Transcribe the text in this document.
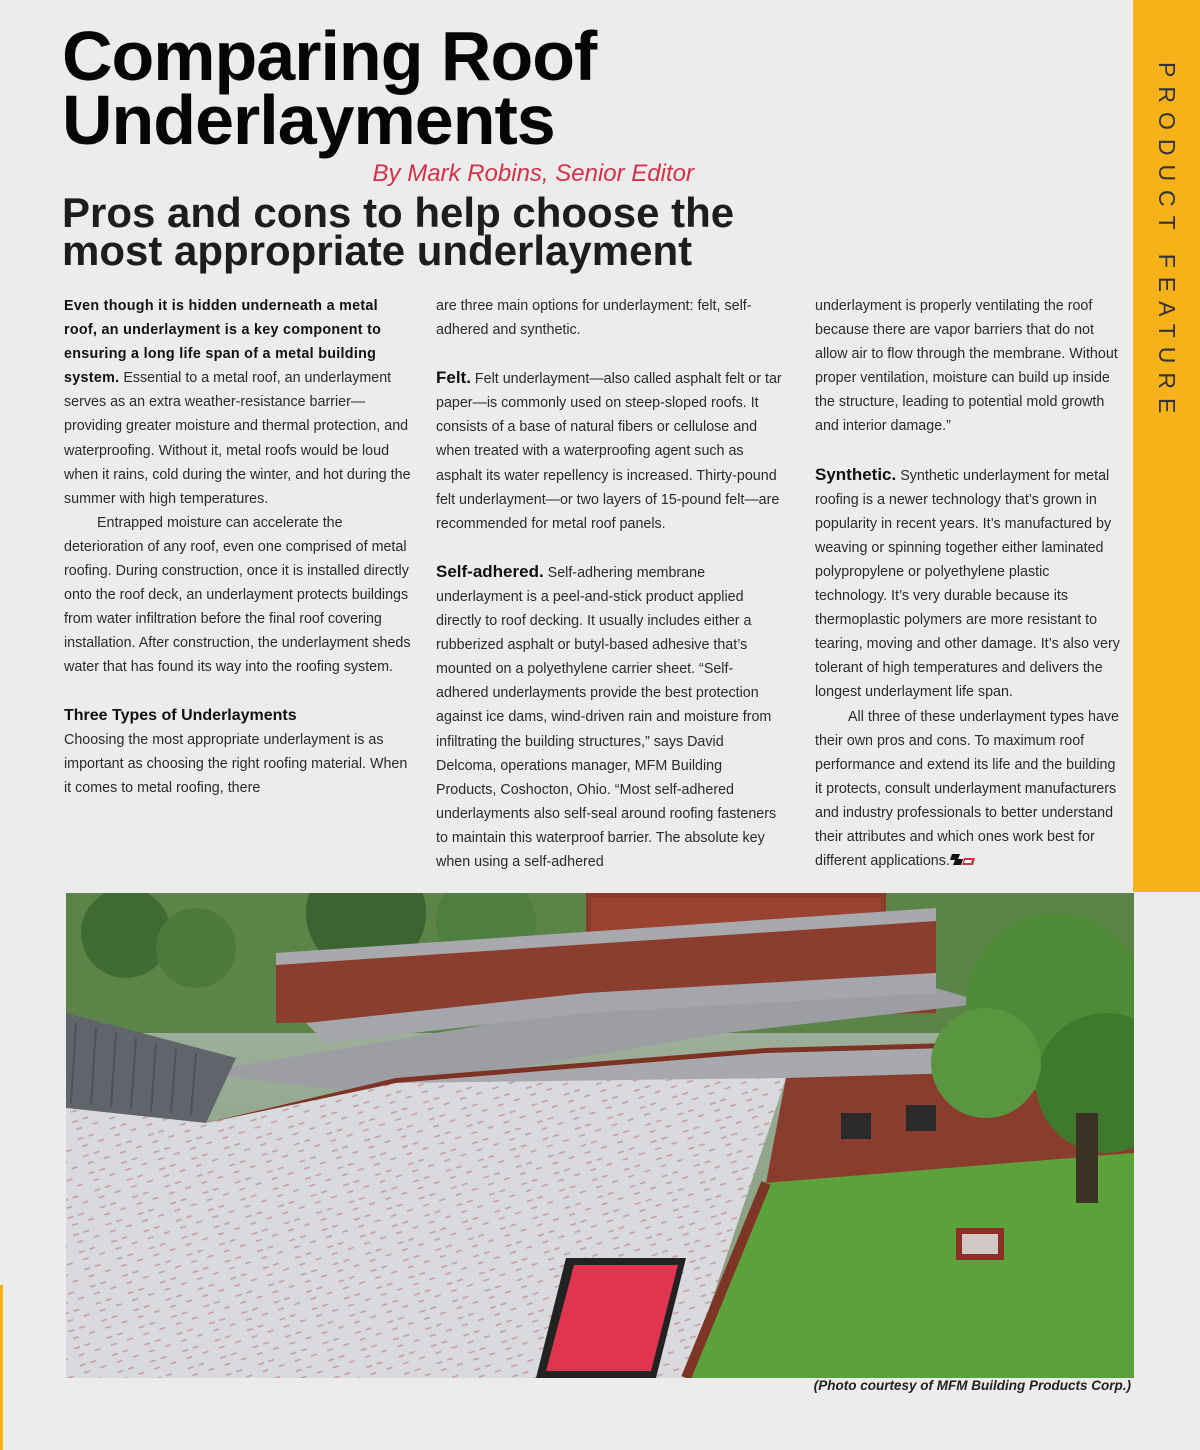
PRODUCT FEATURE
Comparing Roof Underlayments
By Mark Robins, Senior Editor
Pros and cons to help choose the most appropriate underlayment

Even though it is hidden underneath a metal roof, an underlayment is a key component to ensuring a long life span of a metal building system. Essential to a metal roof, an underlayment serves as an extra weather-resistance barrier—providing greater moisture and thermal protection, and waterproofing. Without it, metal roofs would be loud when it rains, cold during the winter, and hot during the summer with high temperatures.

Entrapped moisture can accelerate the deterioration of any roof, even one comprised of metal roofing. During construction, once it is installed directly onto the roof deck, an underlayment protects buildings from water infiltration before the final roof covering installation. After construction, the underlayment sheds water that has found its way into the roofing system.

Three Types of Underlayments

Choosing the most appropriate underlayment is as important as choosing the right roofing material. When it comes to metal roofing, there

are three main options for underlayment: felt, self-adhered and synthetic.

Felt. Felt underlayment—also called asphalt felt or tar paper—is commonly used on steep-sloped roofs. It consists of a base of natural fibers or cellulose and when treated with a waterproofing agent such as asphalt its water repellency is increased. Thirty-pound felt underlayment—or two layers of 15-pound felt—are recommended for metal roof panels.

Self-adhered. Self-adhering membrane underlayment is a peel-and-stick product applied directly to roof decking. It usually includes either a rubberized asphalt or butyl-based adhesive that’s mounted on a polyethylene carrier sheet. “Self-adhered underlayments provide the best protection against ice dams, wind-driven rain and moisture from infiltrating the building structures,” says David Delcoma, operations manager, MFM Building Products, Coshocton, Ohio. “Most self-adhered underlayments also self-seal around roofing fasteners to maintain this waterproof barrier. The absolute key when using a self-adhered

underlayment is properly ventilating the roof because there are vapor barriers that do not allow air to flow through the membrane. Without proper ventilation, moisture can build up inside the structure, leading to potential mold growth and interior damage.”

Synthetic. Synthetic underlayment for metal roofing is a newer technology that’s grown in popularity in recent years. It’s manufactured by weaving or spinning together either laminated polypropylene or polyethylene plastic technology. It’s very durable because its thermoplastic polymers are more resistant to tearing, moving and other damage. It’s also very tolerant of high temperatures and delivers the longest underlayment life span.

All three of these underlayment types have their own pros and cons. To maximum roof performance and extend its life and the building it protects, consult underlayment manufacturers and industry professionals to better understand their attributes and which ones work best for different applications.

(Photo courtesy of MFM Building Products Corp.)
